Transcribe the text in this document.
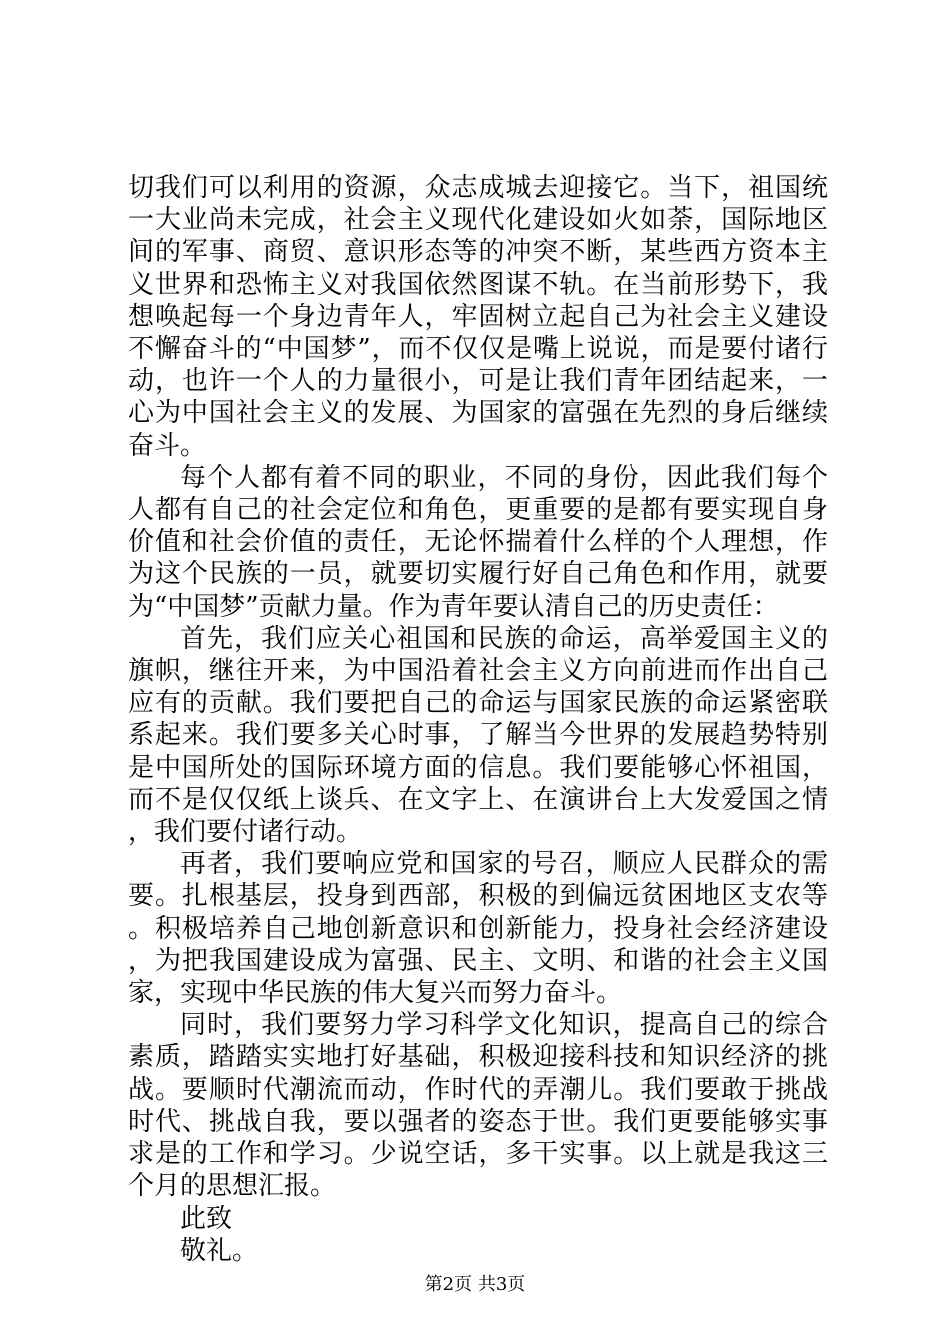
切我们可以利用的资源，众志成城去迎接它。当下，祖国统一大业尚未完成，社会主义现代化建设如火如荼，国际地区间的军事、商贸、意识形态等的冲突不断，某些西方资本主义世界和恐怖主义对我国依然图谋不轨。在当前形势下，我想唤起每一个身边青年人，牢固树立起自己为社会主义建设不懈奋斗的“中国梦”，而不仅仅是嘴上说说，而是要付诸行动，也许一个人的力量很小，可是让我们青年团结起来，一心为中国社会主义的发展、为国家的富强在先烈的身后继续奋斗。

每个人都有着不同的职业，不同的身份，因此我们每个人都有自己的社会定位和角色，更重要的是都有要实现自身价值和社会价值的责任，无论怀揣着什么样的个人理想，作为这个民族的一员，就要切实履行好自己角色和作用，就要为“中国梦”贡献力量。作为青年要认清自己的历史责任：

首先，我们应关心祖国和民族的命运，高举爱国主义的旗帜，继往开来，为中国沿着社会主义方向前进而作出自己应有的贡献。我们要把自己的命运与国家民族的命运紧密联系起来。我们要多关心时事，了解当今世界的发展趋势特别是中国所处的国际环境方面的信息。我们要能够心怀祖国，而不是仅仅纸上谈兵、在文字上、在演讲台上大发爱国之情，我们要付诸行动。

再者，我们要响应党和国家的号召，顺应人民群众的需要。扎根基层，投身到西部，积极的到偏远贫困地区支农等。积极培养自己地创新意识和创新能力，投身社会经济建设，为把我国建设成为富强、民主、文明、和谐的社会主义国家，实现中华民族的伟大复兴而努力奋斗。

同时，我们要努力学习科学文化知识，提高自己的综合素质，踏踏实实地打好基础，积极迎接科技和知识经济的挑战。要顺时代潮流而动，作时代的弄潮儿。我们要敢于挑战时代、挑战自我，要以强者的姿态于世。我们更要能够实事求是的工作和学习。少说空话，多干实事。以上就是我这三个月的思想汇报。

此致

敬礼。

第2页 共3页
